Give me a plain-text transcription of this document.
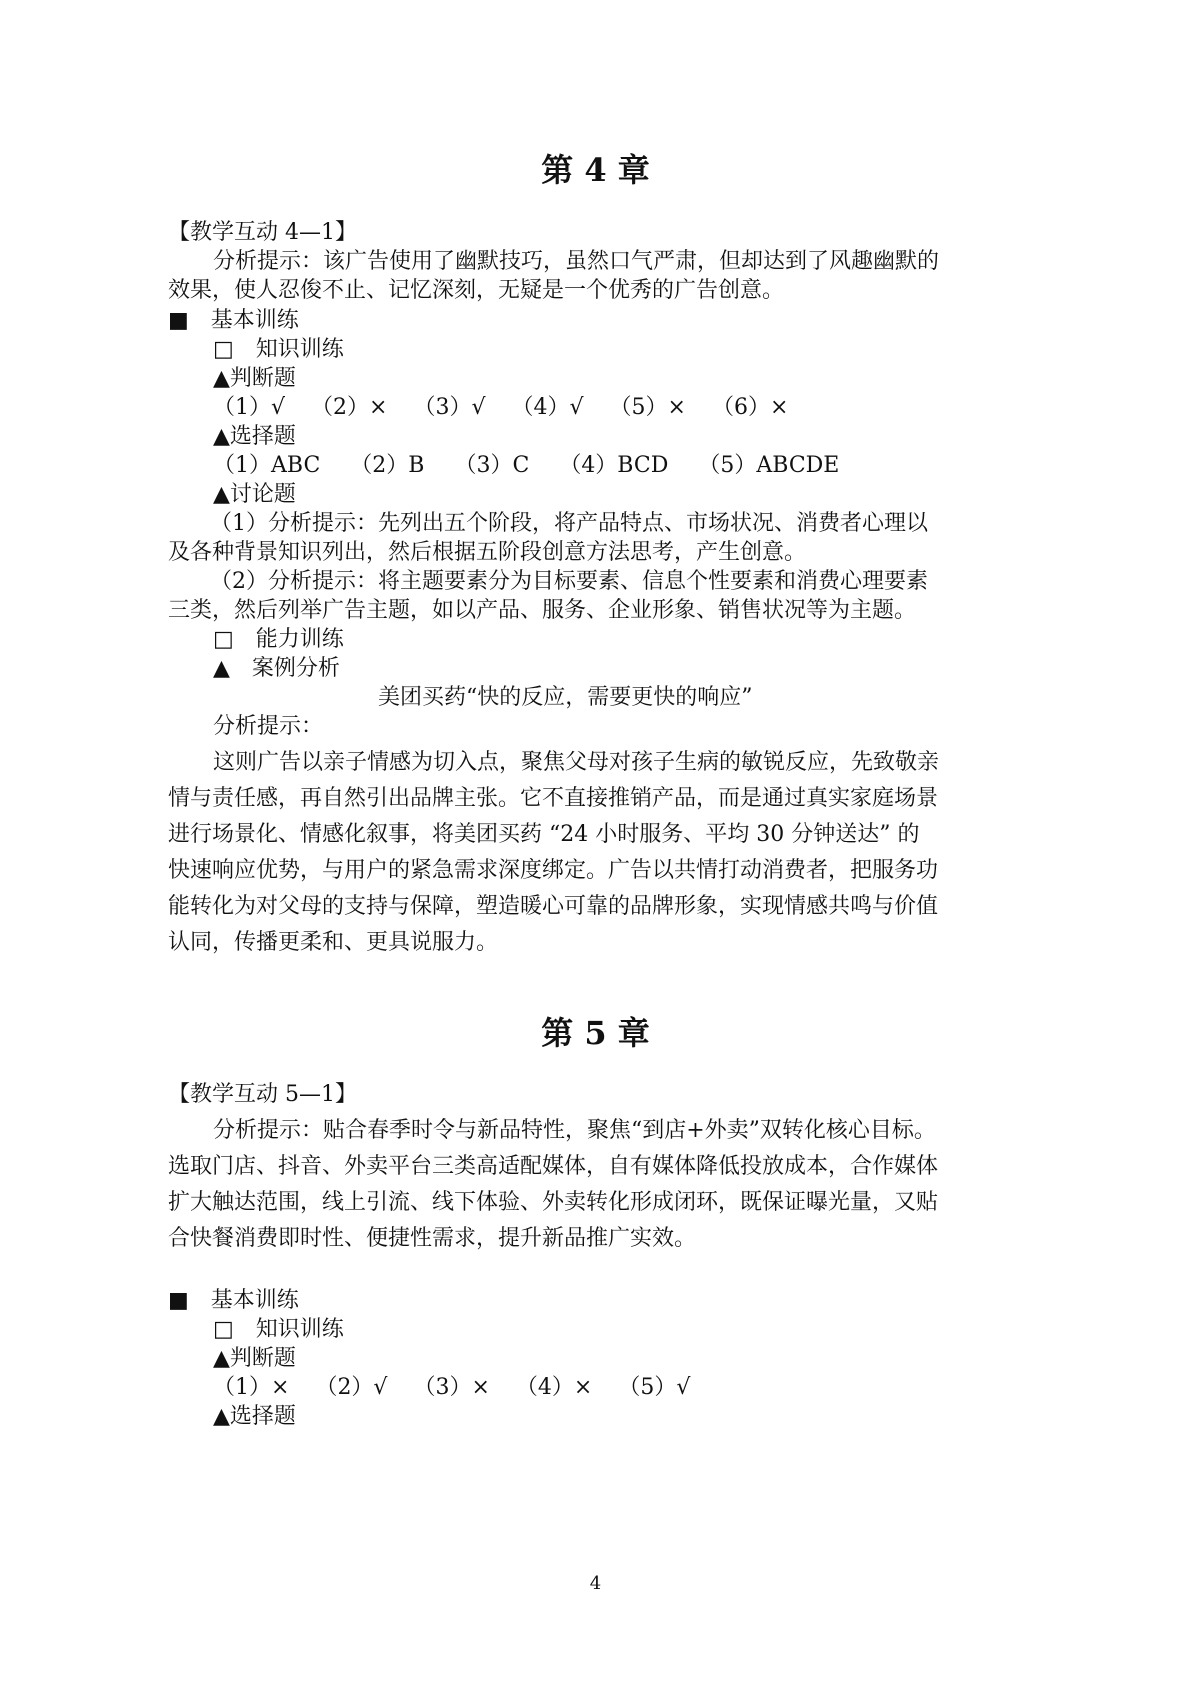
第 4 章
【教学互动 4—1】
分析提示：该广告使用了幽默技巧，虽然口气严肃，但却达到了风趣幽默的
效果，使人忍俊不止、记忆深刻，无疑是一个优秀的广告创意。
■　基本训练
□　知识训练
▲判断题
（1）√ （2）× （3）√ （4）√ （5）× （6）×
▲选择题
（1）ABC （2）B （3）C （4）BCD （5）ABCDE
▲讨论题
（1）分析提示：先列出五个阶段，将产品特点、市场状况、消费者心理以
及各种背景知识列出，然后根据五阶段创意方法思考，产生创意。
（2）分析提示：将主题要素分为目标要素、信息个性要素和消费心理要素
三类，然后列举广告主题，如以产品、服务、企业形象、销售状况等为主题。
□　能力训练
▲　案例分析
美团买药“快的反应，需要更快的响应”
分析提示：
这则广告以亲子情感为切入点，聚焦父母对孩子生病的敏锐反应，先致敬亲
情与责任感，再自然引出品牌主张。它不直接推销产品，而是通过真实家庭场景
进行场景化、情感化叙事，将美团买药 “24 小时服务、平均 30 分钟送达” 的
快速响应优势，与用户的紧急需求深度绑定。广告以共情打动消费者，把服务功
能转化为对父母的支持与保障，塑造暖心可靠的品牌形象，实现情感共鸣与价值
认同，传播更柔和、更具说服力。
第 5 章
【教学互动 5—1】
分析提示：贴合春季时令与新品特性，聚焦“到店+外卖”双转化核心目标。
选取门店、抖音、外卖平台三类高适配媒体，自有媒体降低投放成本，合作媒体
扩大触达范围，线上引流、线下体验、外卖转化形成闭环，既保证曝光量，又贴
合快餐消费即时性、便捷性需求，提升新品推广实效。
■　基本训练
□　知识训练
▲判断题
（1）× （2）√ （3）× （4）× （5）√
▲选择题
4
